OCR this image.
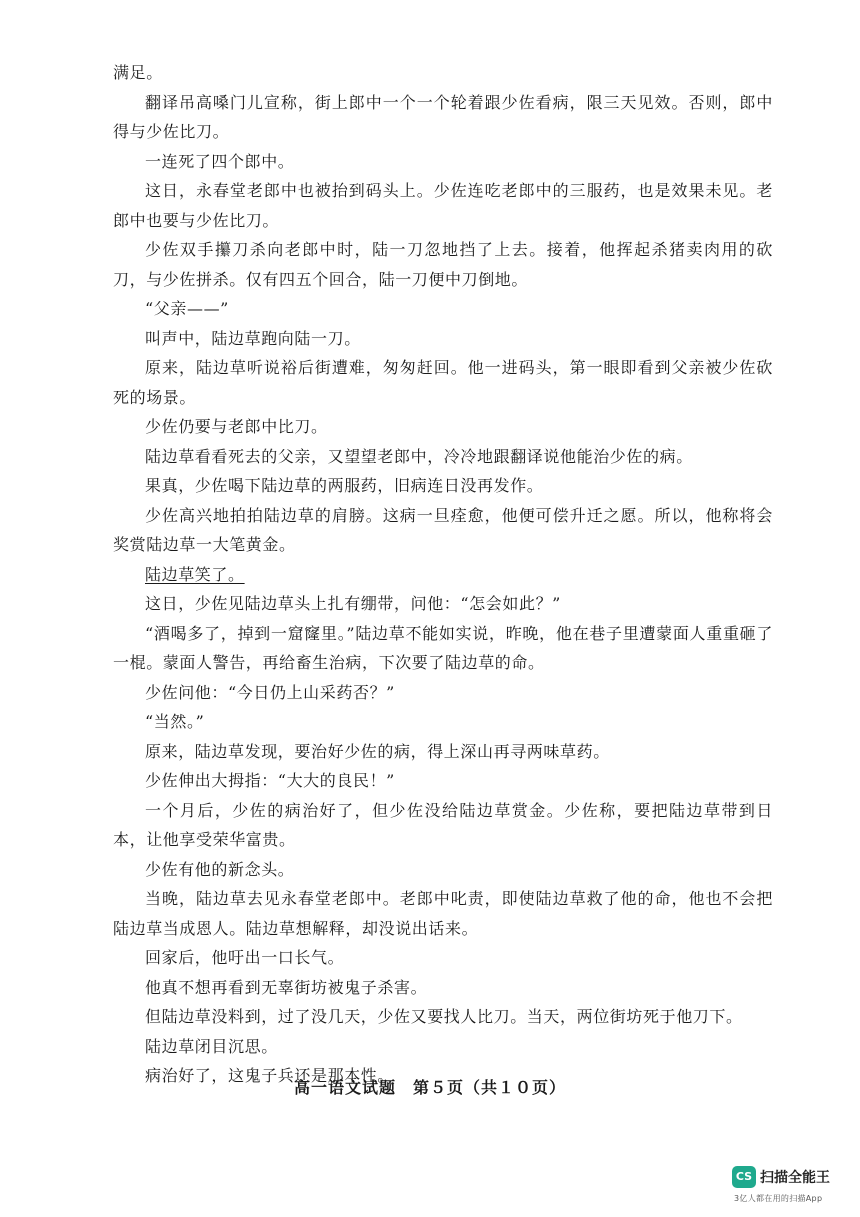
满足。

翻译吊高嗓门儿宣称，街上郎中一个一个轮着跟少佐看病，限三天见效。否则，郎中得与少佐比刀。

一连死了四个郎中。

这日，永春堂老郎中也被抬到码头上。少佐连吃老郎中的三服药，也是效果未见。老郎中也要与少佐比刀。

少佐双手攥刀杀向老郎中时，陆一刀忽地挡了上去。接着，他挥起杀猪卖肉用的砍刀，与少佐拼杀。仅有四五个回合，陆一刀便中刀倒地。

“父亲——”

叫声中，陆边草跑向陆一刀。

原来，陆边草听说裕后街遭难，匆匆赶回。他一进码头，第一眼即看到父亲被少佐砍死的场景。

少佐仍要与老郎中比刀。

陆边草看看死去的父亲，又望望老郎中，冷冷地跟翻译说他能治少佐的病。

果真，少佐喝下陆边草的两服药，旧病连日没再发作。

少佐高兴地拍拍陆边草的肩膀。这病一旦痊愈，他便可偿升迁之愿。所以，他称将会奖赏陆边草一大笔黄金。

陆边草笑了。

这日，少佐见陆边草头上扎有绷带，问他：“怎会如此？”

“酒喝多了，掉到一窟窿里。”陆边草不能如实说，昨晚，他在巷子里遭蒙面人重重砸了一棍。蒙面人警告，再给畜生治病，下次要了陆边草的命。

少佐问他：“今日仍上山采药否？”

“当然。”

原来，陆边草发现，要治好少佐的病，得上深山再寻两味草药。

少佐伸出大拇指：“大大的良民！”

一个月后，少佐的病治好了，但少佐没给陆边草赏金。少佐称，要把陆边草带到日本，让他享受荣华富贵。

少佐有他的新念头。

当晚，陆边草去见永春堂老郎中。老郎中叱责，即使陆边草救了他的命，他也不会把陆边草当成恩人。陆边草想解释，却没说出话来。

回家后，他吁出一口长气。

他真不想再看到无辜街坊被鬼子杀害。

但陆边草没料到，过了没几天，少佐又要找人比刀。当天，两位街坊死于他刀下。

陆边草闭目沉思。

病治好了，这鬼子兵还是那本性。

高一语文试题　第５页（共１０页）
CS 扫描全能王
3亿人都在用的扫描App
